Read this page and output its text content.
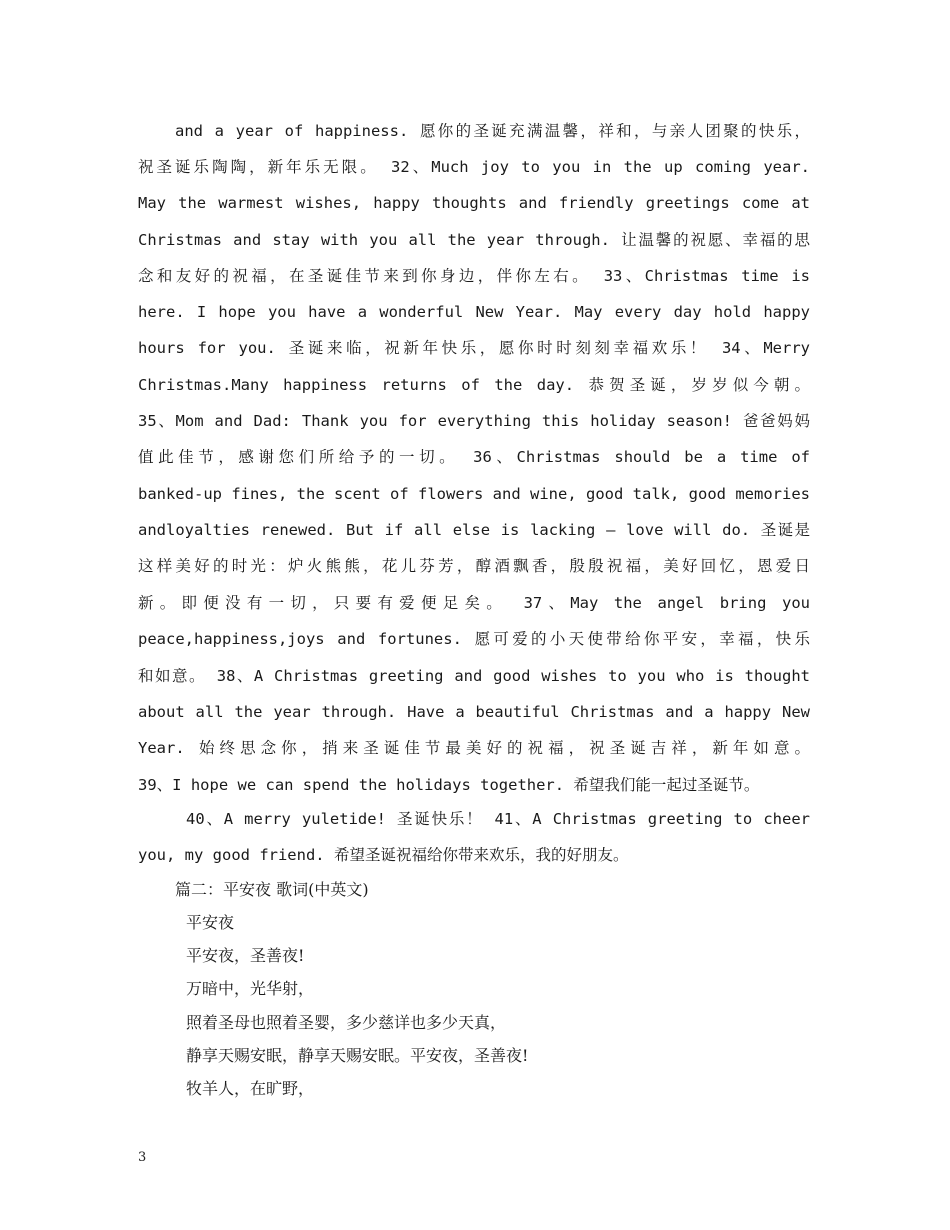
and a year of happiness. 愿你的圣诞充满温馨，祥和，与亲人团聚的快乐，
祝圣诞乐陶陶，新年乐无限。 32、Much joy to you in the up coming year.
May the warmest wishes, happy thoughts and friendly greetings come at
Christmas and stay with you all the year through. 让温馨的祝愿、幸福的思
念和友好的祝福，在圣诞佳节来到你身边，伴你左右。 33、Christmas time is
here. I hope you have a wonderful New Year. May every day hold happy
hours for you. 圣诞来临，祝新年快乐，愿你时时刻刻幸福欢乐！ 34、Merry
Christmas.Many happiness returns of the day. 恭贺圣诞，岁岁似今朝。
35、Mom and Dad: Thank you for everything this holiday season! 爸爸妈妈
值此佳节，感谢您们所给予的一切。 36、Christmas should be a time of
banked-up fines, the scent of flowers and wine, good talk, good memories
andloyalties renewed. But if all else is lacking – love will do. 圣诞是
这样美好的时光：炉火熊熊，花儿芬芳，醇酒飘香，殷殷祝福，美好回忆，恩爱日
新。即便没有一切，只要有爱便足矣。 37、May the angel bring you
peace,happiness,joys and fortunes. 愿可爱的小天使带给你平安，幸福，快乐
和如意。 38、A Christmas greeting and good wishes to you who is thought
about all the year through. Have a beautiful Christmas and a happy New
Year. 始终思念你，捎来圣诞佳节最美好的祝福，祝圣诞吉祥，新年如意。
39、I hope we can spend the holidays together. 希望我们能一起过圣诞节。
40、A merry yuletide! 圣诞快乐！ 41、A Christmas greeting to cheer
you, my good friend. 希望圣诞祝福给你带来欢乐，我的好朋友。
篇二：平安夜 歌词(中英文)
平安夜
平安夜，圣善夜!
万暗中，光华射，
照着圣母也照着圣婴，多少慈详也多少天真，
静享天赐安眠，静享天赐安眠。平安夜，圣善夜!
牧羊人，在旷野，
3
